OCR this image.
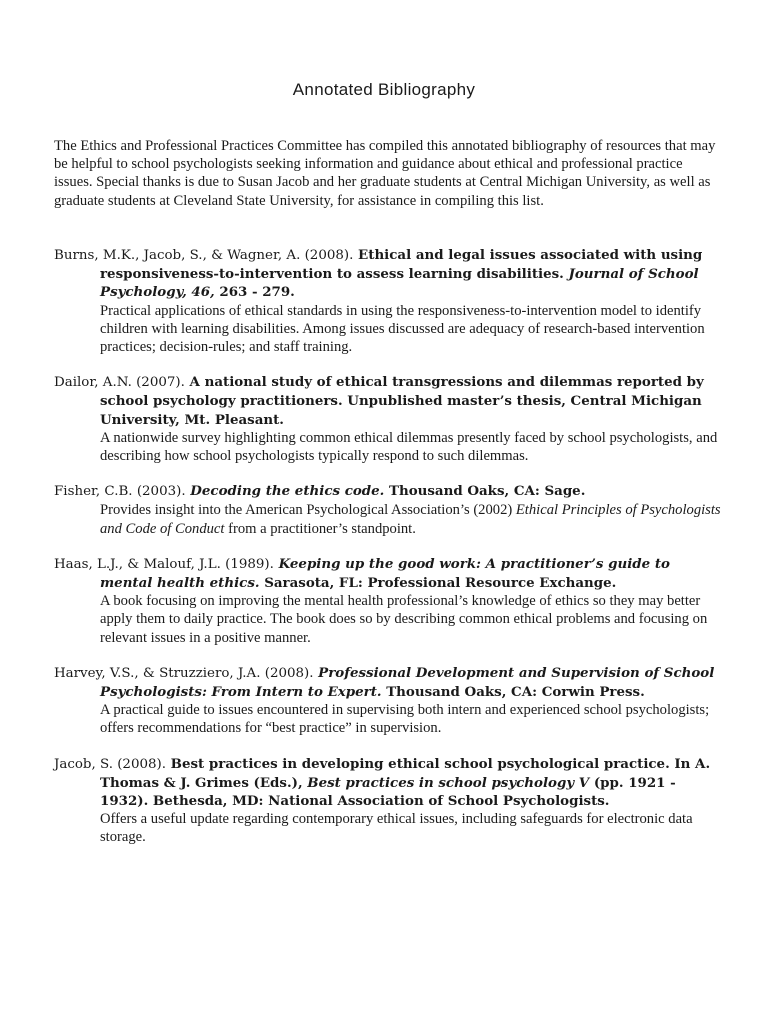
Annotated Bibliography
The Ethics and Professional Practices Committee has compiled this annotated bibliography of resources that may be helpful to school psychologists seeking information and guidance about ethical and professional practice issues. Special thanks is due to Susan Jacob and her graduate students at Central Michigan University, as well as graduate students at Cleveland State University, for assistance in compiling this list.
Burns, M.K., Jacob, S., & Wagner, A. (2008). Ethical and legal issues associated with using responsiveness-to-intervention to assess learning disabilities. Journal of School Psychology, 46, 263 - 279.
Practical applications of ethical standards in using the responsiveness-to-intervention model to identify children with learning disabilities. Among issues discussed are adequacy of research-based intervention practices; decision-rules; and staff training.
Dailor, A.N. (2007). A national study of ethical transgressions and dilemmas reported by school psychology practitioners. Unpublished master’s thesis, Central Michigan University, Mt. Pleasant.
A nationwide survey highlighting common ethical dilemmas presently faced by school psychologists, and describing how school psychologists typically respond to such dilemmas.
Fisher, C.B. (2003). Decoding the ethics code. Thousand Oaks, CA: Sage.
Provides insight into the American Psychological Association’s (2002) Ethical Principles of Psychologists and Code of Conduct from a practitioner’s standpoint.
Haas, L.J., & Malouf, J.L. (1989). Keeping up the good work: A practitioner’s guide to mental health ethics. Sarasota, FL: Professional Resource Exchange.
A book focusing on improving the mental health professional’s knowledge of ethics so they may better apply them to daily practice. The book does so by describing common ethical problems and focusing on relevant issues in a positive manner.
Harvey, V.S., & Struzziero, J.A. (2008). Professional Development and Supervision of School Psychologists: From Intern to Expert. Thousand Oaks, CA: Corwin Press.
A practical guide to issues encountered in supervising both intern and experienced school psychologists; offers recommendations for “best practice” in supervision.
Jacob, S. (2008). Best practices in developing ethical school psychological practice. In A. Thomas & J. Grimes (Eds.), Best practices in school psychology V (pp. 1921 - 1932). Bethesda, MD: National Association of School Psychologists.
Offers a useful update regarding contemporary ethical issues, including safeguards for electronic data storage.
